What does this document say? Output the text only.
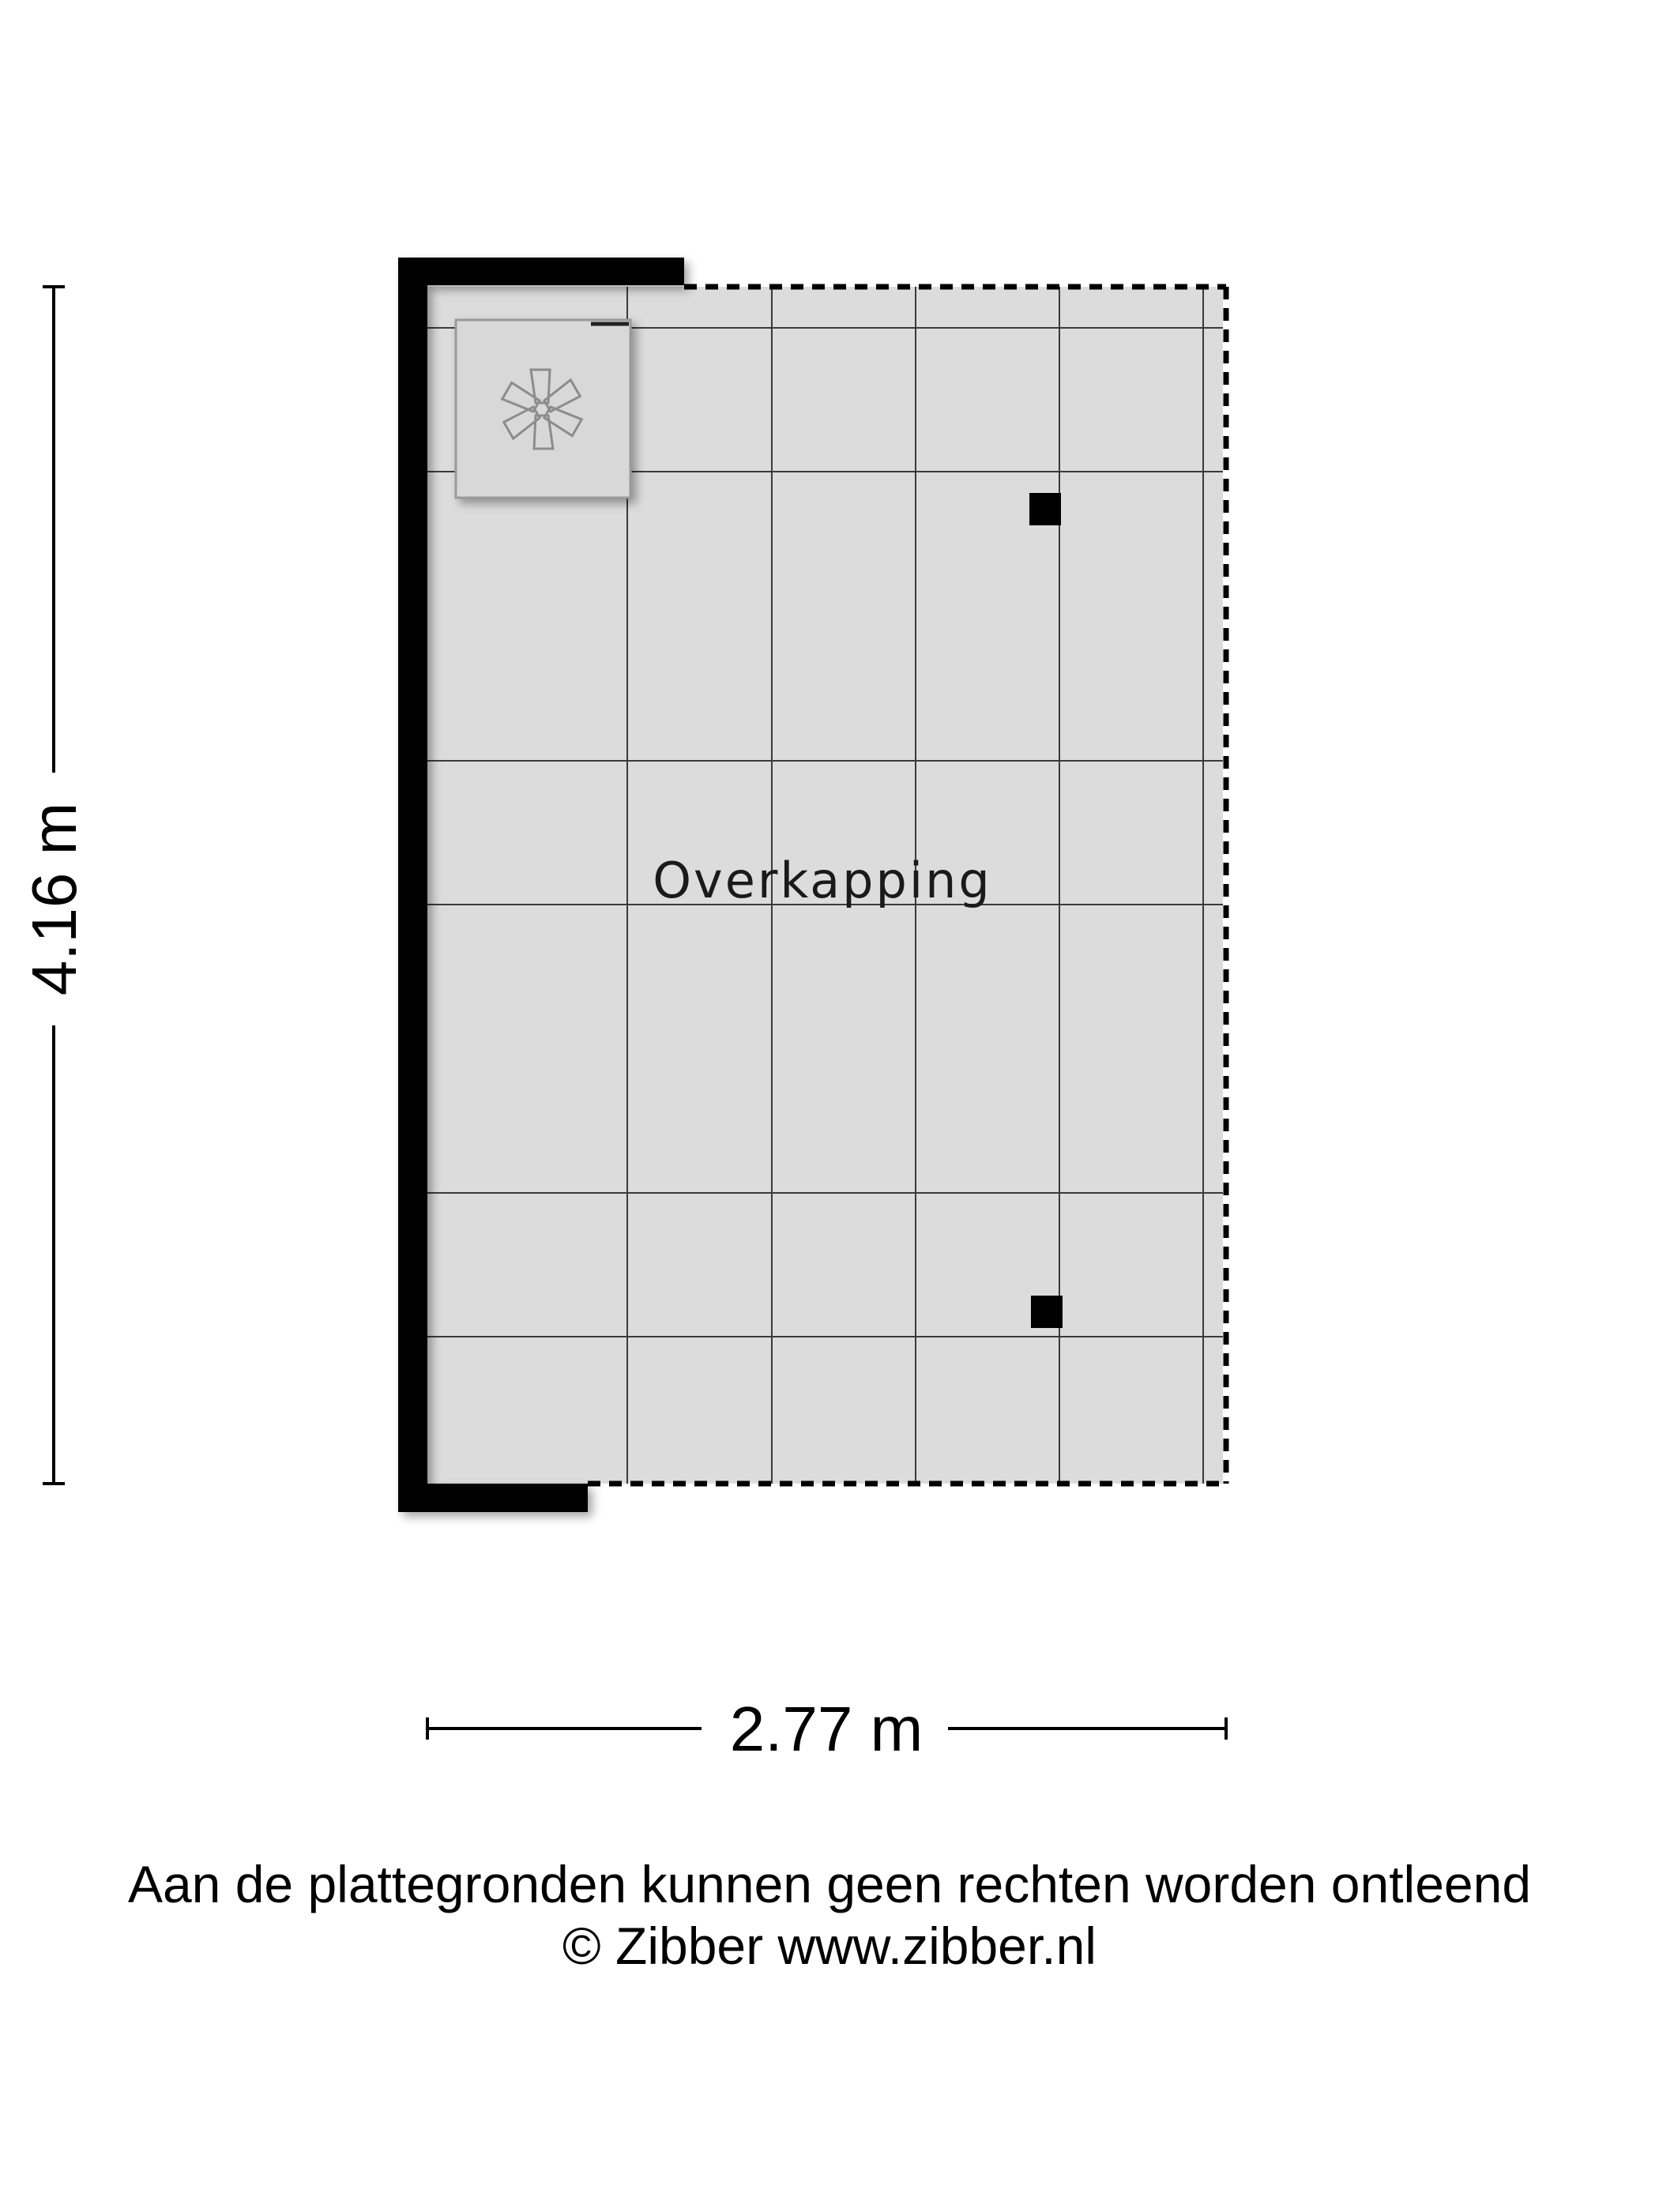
Overkapping
4.16 m
2.77 m
Aan de plattegronden kunnen geen rechten worden ontleend
© Zibber www.zibber.nl
